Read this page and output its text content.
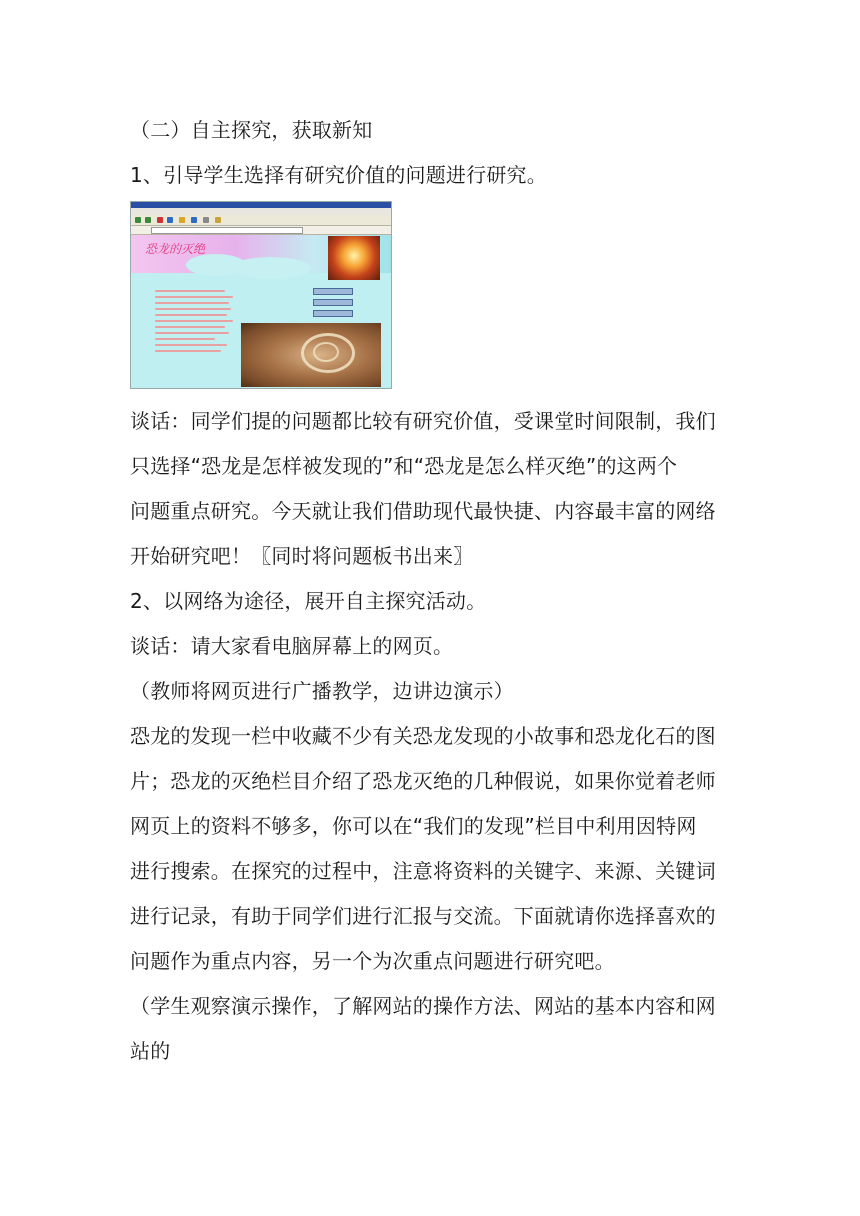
（二）自主探究，获取新知
1、引导学生选择有研究价值的问题进行研究。
恐龙的灭绝
谈话：同学们提的问题都比较有研究价值，受课堂时间限制，我们
只选择“恐龙是怎样被发现的”和“恐龙是怎么样灭绝”的这两个
问题重点研究。今天就让我们借助现代最快捷、内容最丰富的网络
开始研究吧！〖同时将问题板书出来〗
2、以网络为途径，展开自主探究活动。
谈话：请大家看电脑屏幕上的网页。
（教师将网页进行广播教学，边讲边演示）
恐龙的发现一栏中收藏不少有关恐龙发现的小故事和恐龙化石的图
片；恐龙的灭绝栏目介绍了恐龙灭绝的几种假说，如果你觉着老师
网页上的资料不够多，你可以在“我们的发现”栏目中利用因特网
进行搜索。在探究的过程中，注意将资料的关键字、来源、关键词
进行记录，有助于同学们进行汇报与交流。下面就请你选择喜欢的
问题作为重点内容，另一个为次重点问题进行研究吧。
（学生观察演示操作，了解网站的操作方法、网站的基本内容和网
站的
